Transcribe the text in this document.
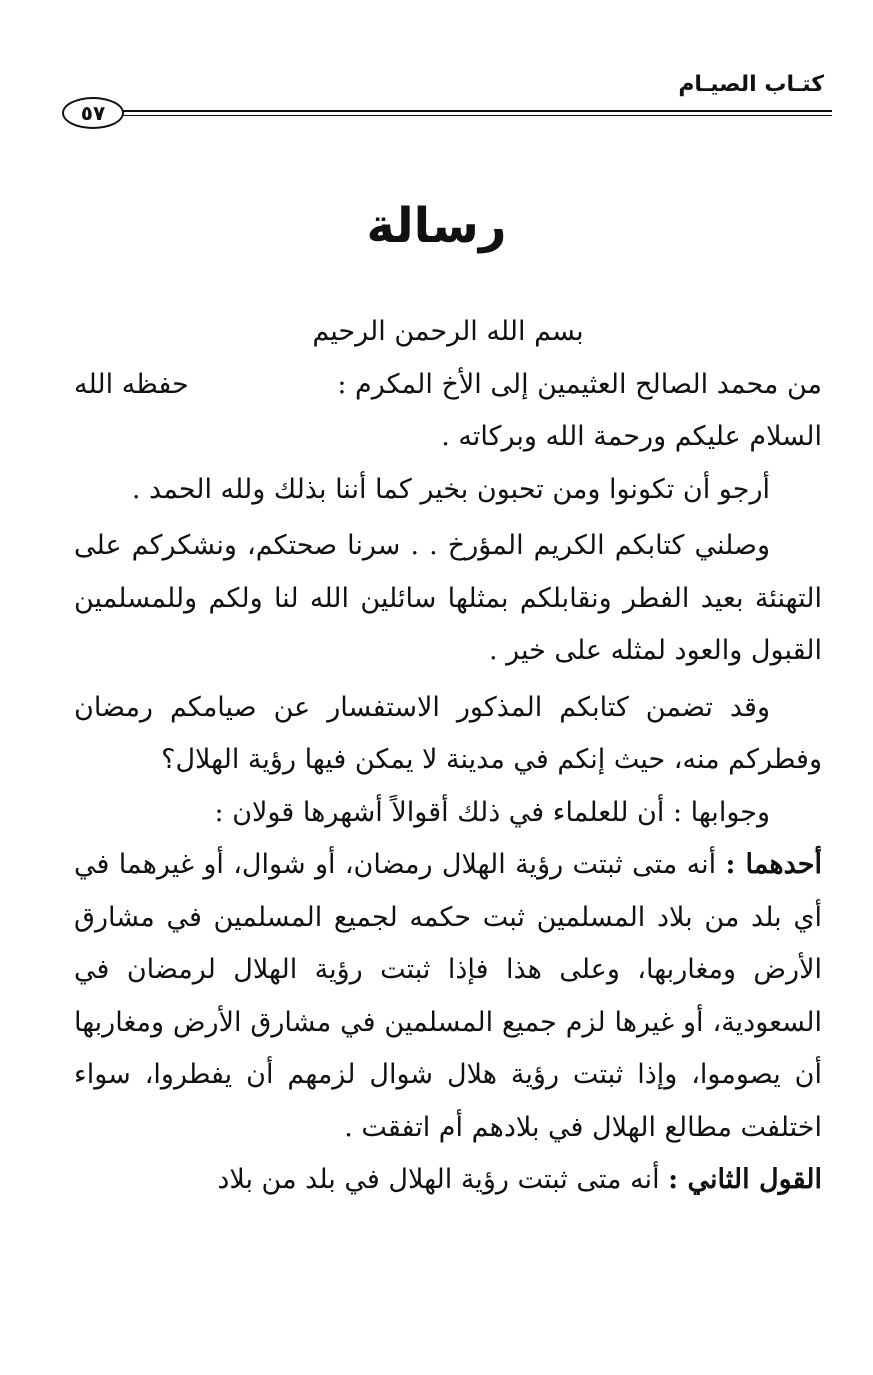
كتـاب الصيـام
٥٧
رسالة

بسم الله الرحمن الرحيم

من محمد الصالح العثيمين إلى الأخ المكرم :
حفظه الله

السلام عليكم ورحمة الله وبركاته .

أرجو أن تكونوا ومن تحبون بخير كما أننا بذلك ولله الحمد .

وصلني كتابكم الكريم المؤرخ . . سرنا صحتكم، ونشكركم على التهنئة بعيد الفطر ونقابلكم بمثلها سائلين الله لنا ولكم وللمسلمين القبول والعود لمثله على خير .

وقد تضمن كتابكم المذكور الاستفسار عن صيامكم رمضان وفطركم منه، حيث إنكم في مدينة لا يمكن فيها رؤية الهلال؟

وجوابها : أن للعلماء في ذلك أقوالاً أشهرها قولان :

أحدهما : أنه متى ثبتت رؤية الهلال رمضان، أو شوال، أو غيرهما في أي بلد من بلاد المسلمين ثبت حكمه لجميع المسلمين في مشارق الأرض ومغاربها، وعلى هذا فإذا ثبتت رؤية الهلال لرمضان في السعودية، أو غيرها لزم جميع المسلمين في مشارق الأرض ومغاربها أن يصوموا، وإذا ثبتت رؤية هلال شوال لزمهم أن يفطروا، سواء اختلفت مطالع الهلال في بلادهم أم اتفقت .

القول الثاني : أنه متى ثبتت رؤية الهلال في بلد من بلاد
